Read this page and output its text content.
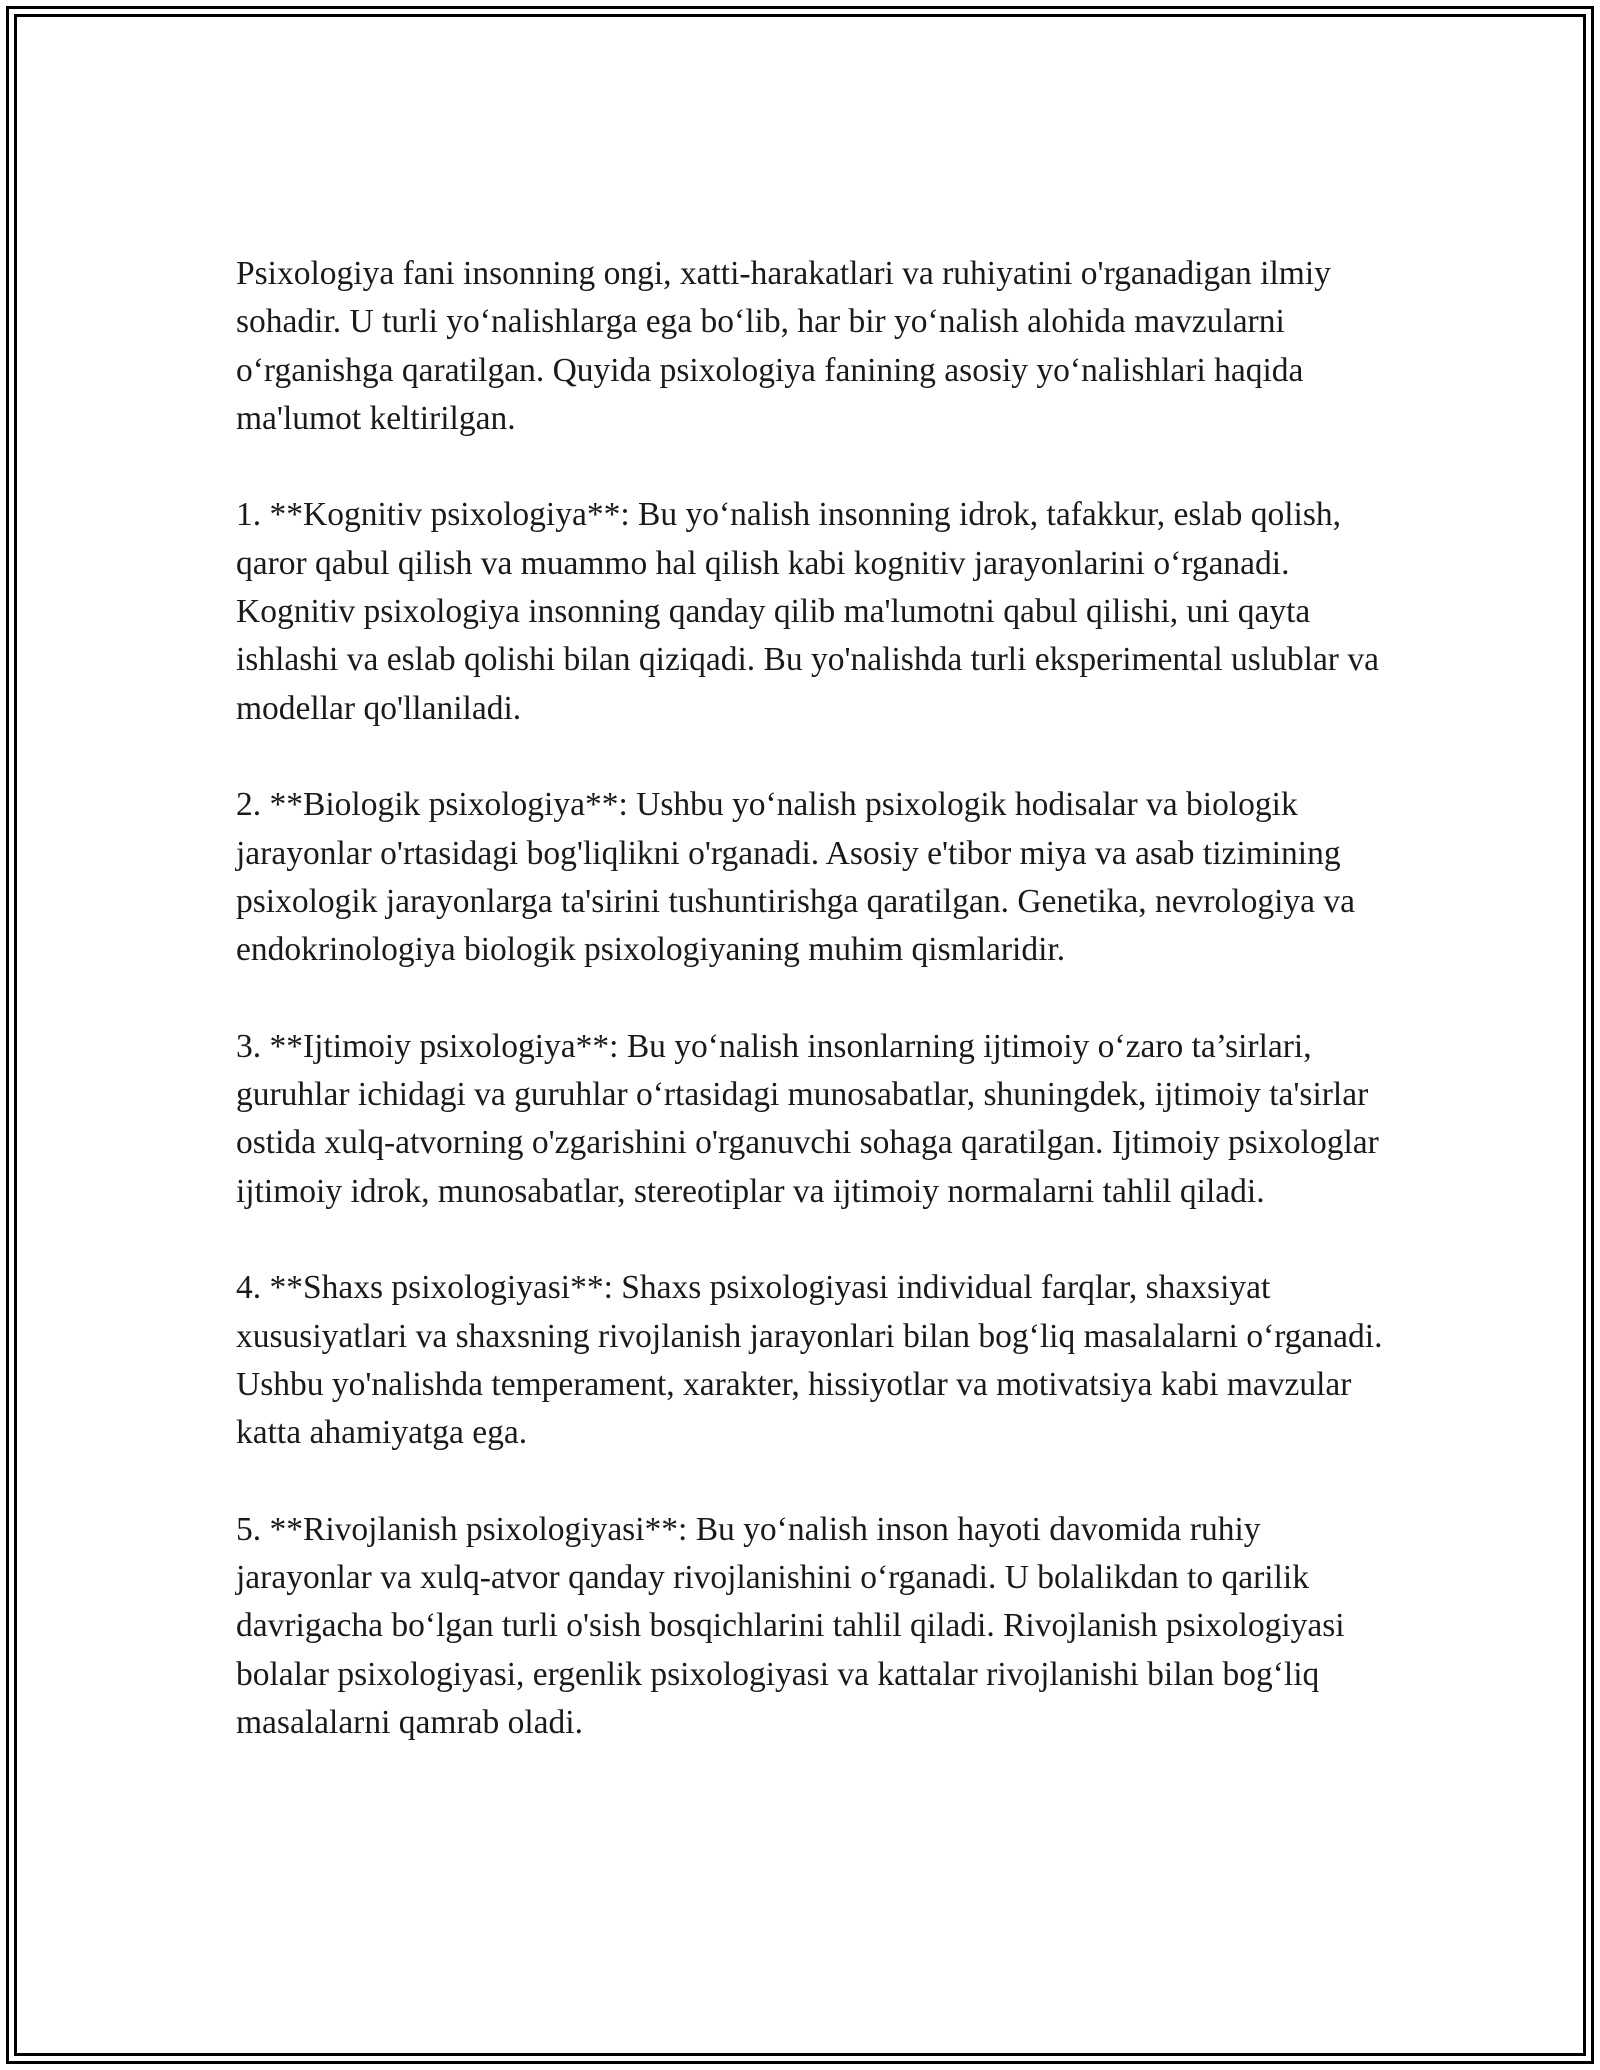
Psixologiya fani insonning ongi, xatti-harakatlari va ruhiyatini o'rganadigan ilmiy sohadir. U turli yo‘nalishlarga ega bo‘lib, har bir yo‘nalish alohida mavzularni o‘rganishga qaratilgan. Quyida psixologiya fanining asosiy yo‘nalishlari haqida ma'lumot keltirilgan.

1. **Kognitiv psixologiya**: Bu yo‘nalish insonning idrok, tafakkur, eslab qolish, qaror qabul qilish va muammo hal qilish kabi kognitiv jarayonlarini o‘rganadi. Kognitiv psixologiya insonning qanday qilib ma'lumotni qabul qilishi, uni qayta ishlashi va eslab qolishi bilan qiziqadi. Bu yo'nalishda turli eksperimental uslublar va modellar qo'llaniladi.

2. **Biologik psixologiya**: Ushbu yo‘nalish psixologik hodisalar va biologik jarayonlar o'rtasidagi bog'liqlikni o'rganadi. Asosiy e'tibor miya va asab tizimining psixologik jarayonlarga ta'sirini tushuntirishga qaratilgan. Genetika, nevrologiya va endokrinologiya biologik psixologiyaning muhim qismlaridir.

3. **Ijtimoiy psixologiya**: Bu yo‘nalish insonlarning ijtimoiy o‘zaro ta’sirlari, guruhlar ichidagi va guruhlar o‘rtasidagi munosabatlar, shuningdek, ijtimoiy ta'sirlar ostida xulq-atvorning o'zgarishini o'rganuvchi sohaga qaratilgan. Ijtimoiy psixologlar ijtimoiy idrok, munosabatlar, stereotiplar va ijtimoiy normalarni tahlil qiladi.

4. **Shaxs psixologiyasi**: Shaxs psixologiyasi individual farqlar, shaxsiyat xususiyatlari va shaxsning rivojlanish jarayonlari bilan bog‘liq masalalarni o‘rganadi. Ushbu yo'nalishda temperament, xarakter, hissiyotlar va motivatsiya kabi mavzular katta ahamiyatga ega.

5. **Rivojlanish psixologiyasi**: Bu yo‘nalish inson hayoti davomida ruhiy jarayonlar va xulq-atvor qanday rivojlanishini o‘rganadi. U bolalikdan to qarilik davrigacha bo‘lgan turli o'sish bosqichlarini tahlil qiladi. Rivojlanish psixologiyasi bolalar psixologiyasi, ergenlik psixologiyasi va kattalar rivojlanishi bilan bog‘liq masalalarni qamrab oladi.
